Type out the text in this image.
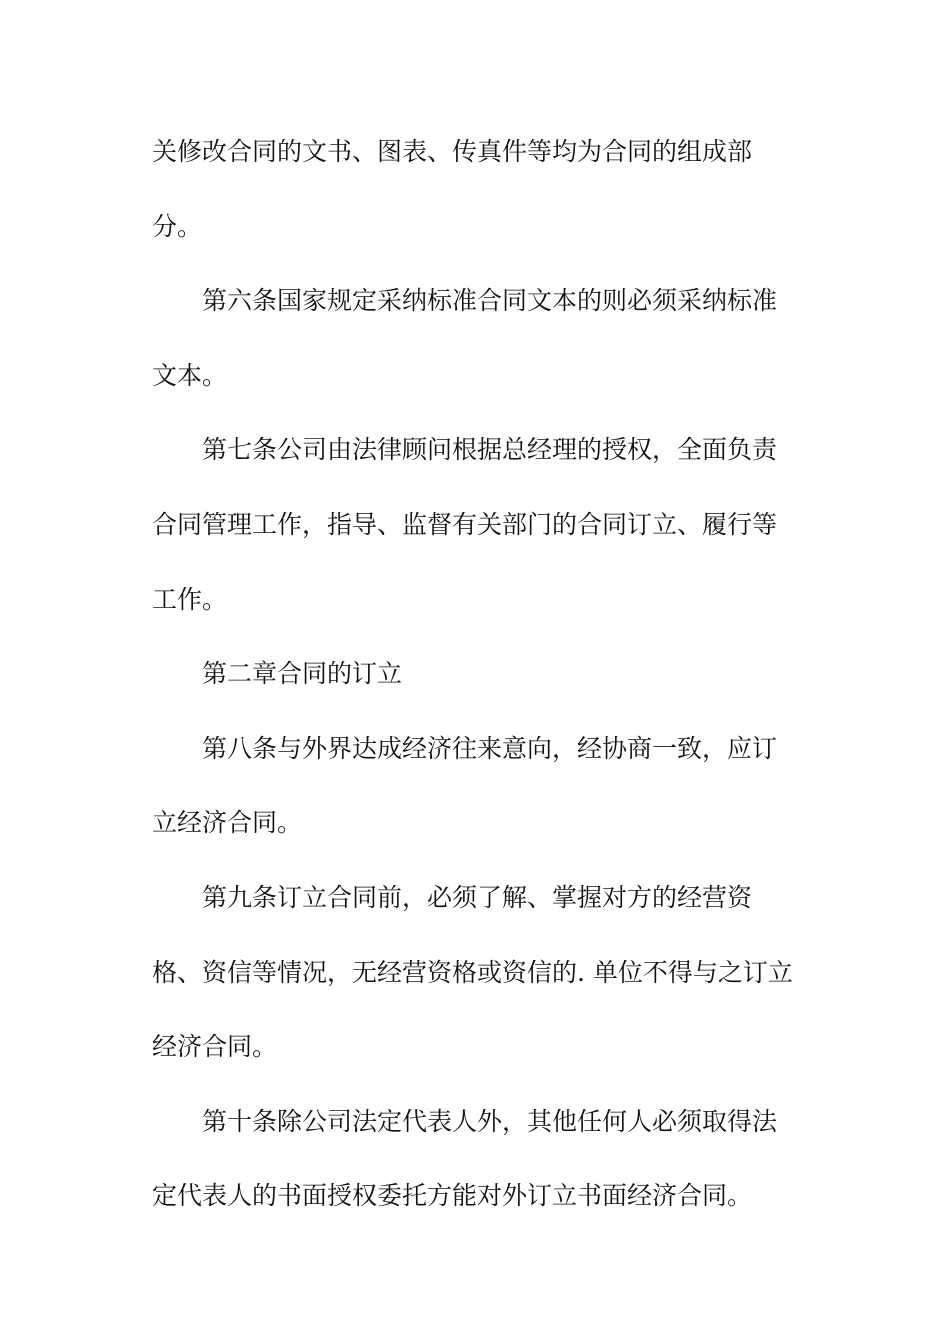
关修改合同的文书、图表、传真件等均为合同的组成部
分。
第六条国家规定采纳标准合同文本的则必须采纳标准
文本。
第七条公司由法律顾问根据总经理的授权，全面负责
合同管理工作，指导、监督有关部门的合同订立、履行等
工作。
第二章合同的订立
第八条与外界达成经济往来意向，经协商一致，应订
立经济合同。
第九条订立合同前，必须了解、掌握对方的经营资
格、资信等情况，无经营资格或资信的. 单位不得与之订立
经济合同。
第十条除公司法定代表人外，其他任何人必须取得法
定代表人的书面授权委托方能对外订立书面经济合同。
